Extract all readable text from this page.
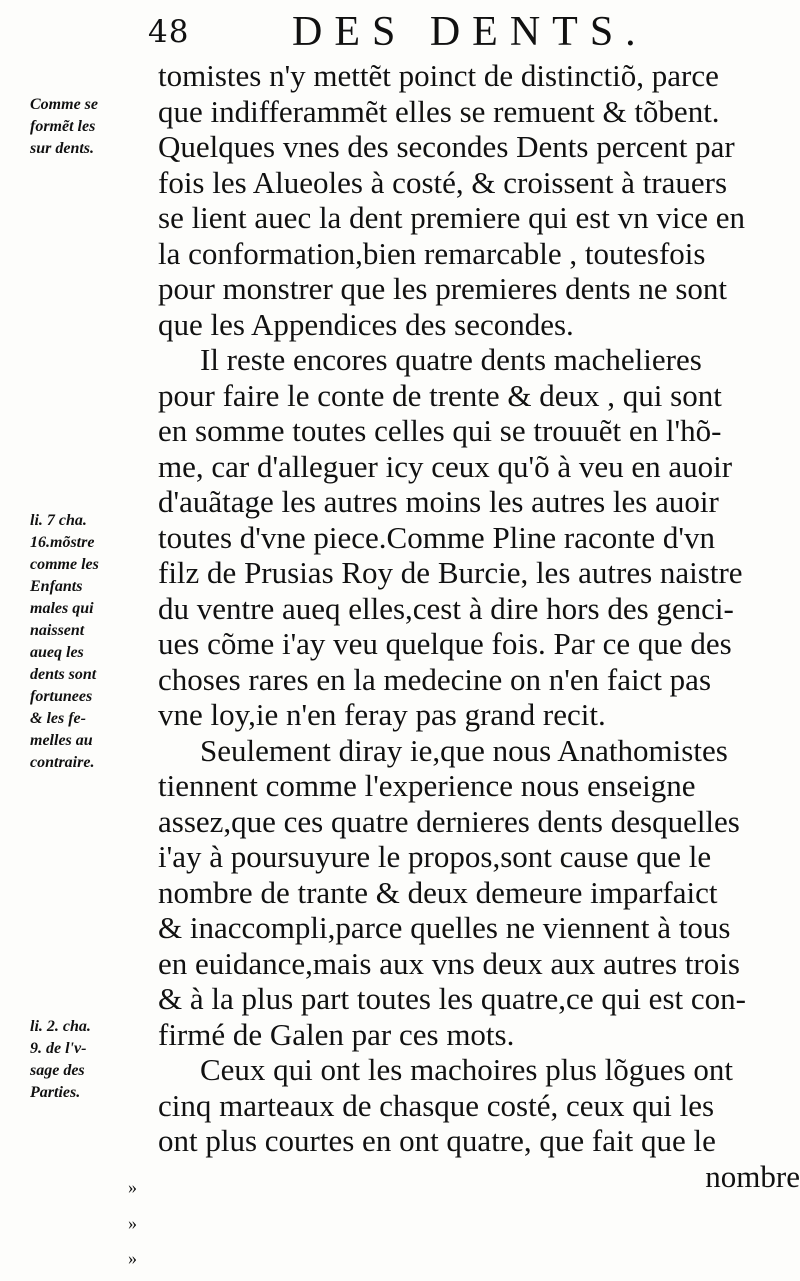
48 DES DENTS.
Comme se
formẽt les
sur dents.
li. 7 cha.
16.mõstre
comme les
Enfants
males qui
naissent
aueq les
dents sont
fortunees
& les fe-
melles au
contraire.
li. 2. cha.
9. de l'v-
sage des
Parties.
»
»
»
tomistes n'y mettẽt poinct de distinctiõ, parce
que indifferammẽt elles se remuent & tõbent.
Quelques vnes des secondes Dents percent par
fois les Alueoles à costé, & croissent à trauers
se lient auec la dent premiere qui est vn vice en
la conformation,bien remarcable , toutesfois
pour monstrer que les premieres dents ne sont
que les Appendices des secondes.
Il reste encores quatre dents machelieres
pour faire le conte de trente & deux , qui sont
en somme toutes celles qui se trouuẽt en l'hõ-
me, car d'alleguer icy ceux qu'õ à veu en auoir
d'auãtage les autres moins les autres les auoir
toutes d'vne piece.Comme Pline raconte d'vn
filz de Prusias Roy de Burcie, les autres naistre
du ventre aueq elles,cest à dire hors des genci-
ues cõme i'ay veu quelque fois. Par ce que des
choses rares en la medecine on n'en faict pas
vne loy,ie n'en feray pas grand recit.
Seulement diray ie,que nous Anathomistes
tiennent comme l'experience nous enseigne
assez,que ces quatre dernieres dents desquelles
i'ay à poursuyure le propos,sont cause que le
nombre de trante & deux demeure imparfaict
& inaccompli,parce quelles ne viennent à tous
en euidance,mais aux vns deux aux autres trois
& à la plus part toutes les quatre,ce qui est con-
firmé de Galen par ces mots.
Ceux qui ont les machoires plus lõgues ont
cinq marteaux de chasque costé, ceux qui les
ont plus courtes en ont quatre, que fait que le
nombre
